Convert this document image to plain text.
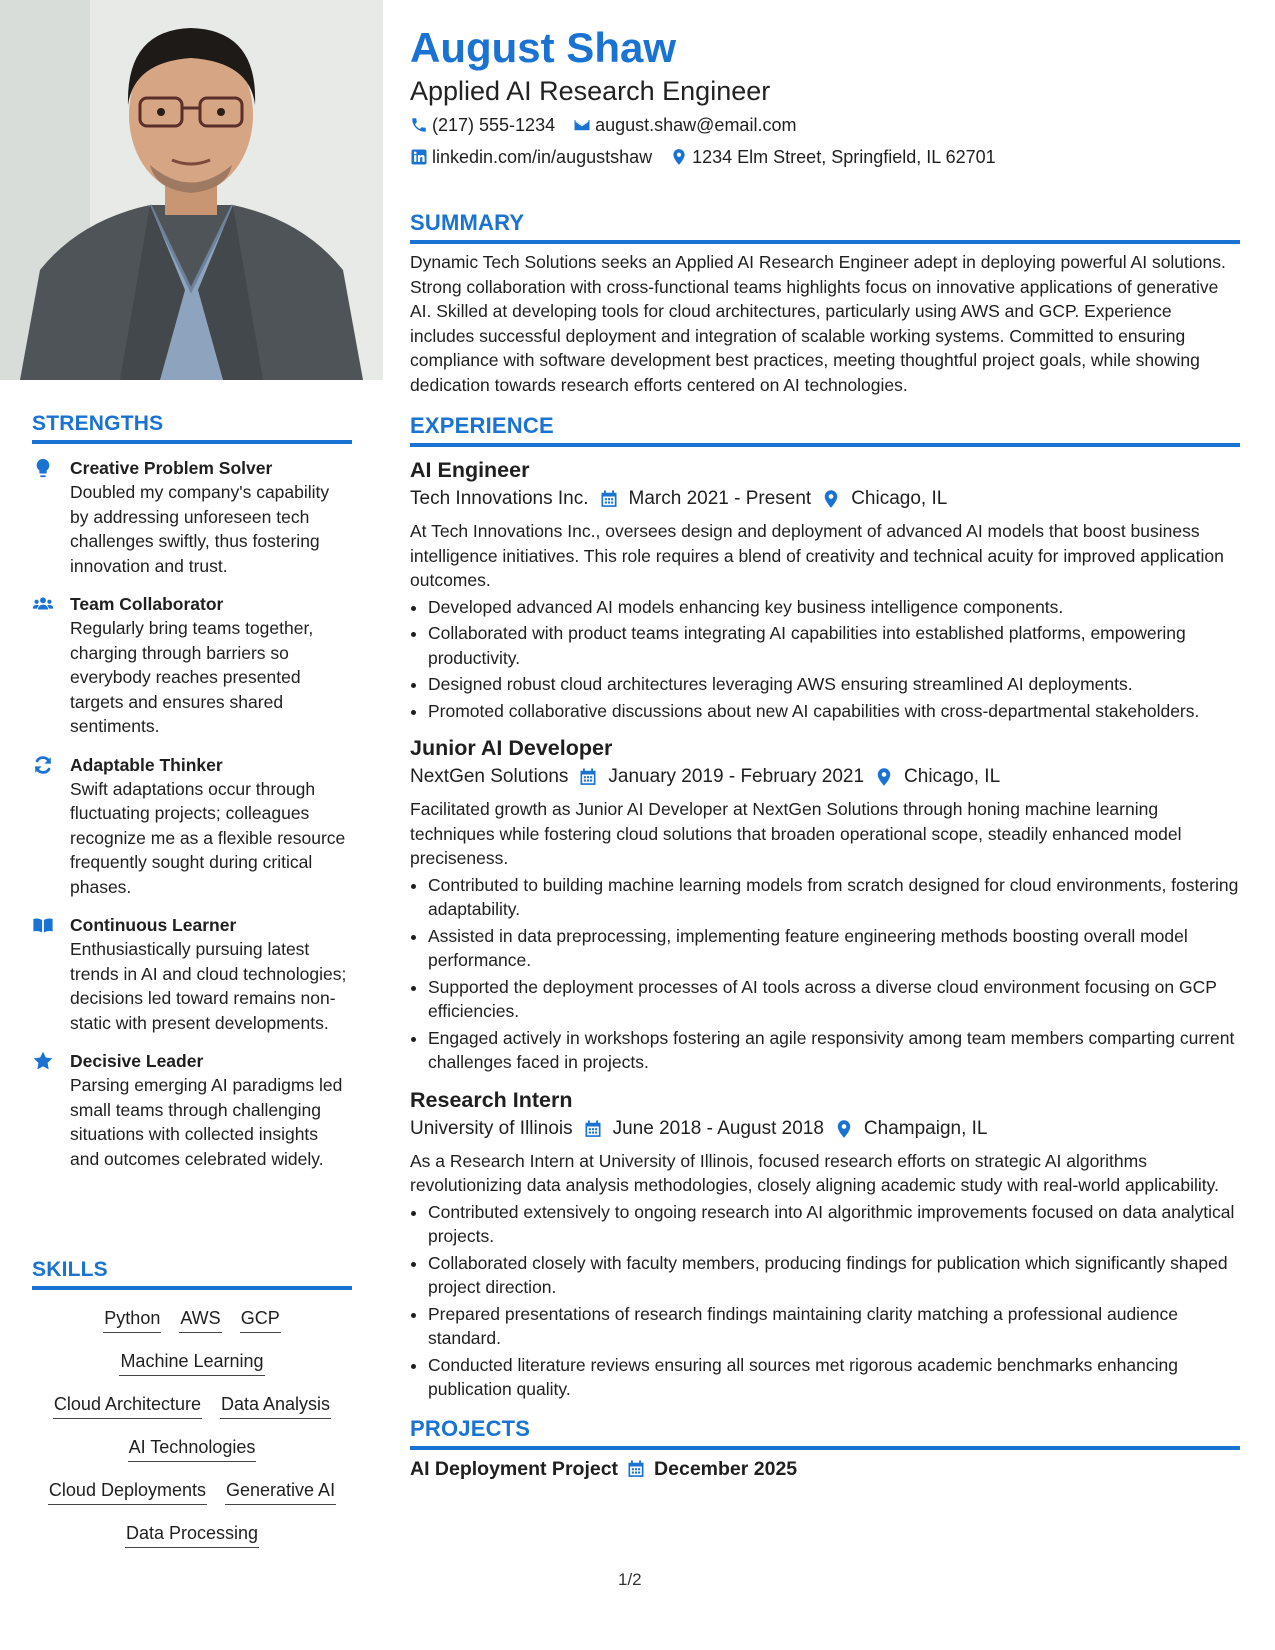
STRENGTHS
Creative Problem Solver
Doubled my company's capability by addressing unforeseen tech challenges swiftly, thus fostering innovation and trust.
Team Collaborator
Regularly bring teams together, charging through barriers so everybody reaches presented targets and ensures shared sentiments.
Adaptable Thinker
Swift adaptations occur through fluctuating projects; colleagues recognize me as a flexible resource frequently sought during critical phases.
Continuous Learner
Enthusiastically pursuing latest trends in AI and cloud technologies; decisions led toward remains non-static with present developments.
Decisive Leader
Parsing emerging AI paradigms led small teams through challenging situations with collected insights and outcomes celebrated widely.
SKILLS
Python AWS GCP
Machine Learning
Cloud Architecture Data Analysis
AI Technologies
Cloud Deployments Generative AI
Data Processing
August Shaw
Applied AI Research Engineer
(217) 555-1234 august.shaw@email.com
linkedin.com/in/augustshaw 1234 Elm Street, Springfield, IL 62701
SUMMARY

Dynamic Tech Solutions seeks an Applied AI Research Engineer adept in deploying powerful AI solutions. Strong collaboration with cross-functional teams highlights focus on innovative applications of generative AI. Skilled at developing tools for cloud architectures, particularly using AWS and GCP. Experience includes successful deployment and integration of scalable working systems. Committed to ensuring compliance with software development best practices, meeting thoughtful project goals, while showing dedication towards research efforts centered on AI technologies.

EXPERIENCE
AI Engineer
Tech Innovations Inc. March 2021 - Present Chicago, IL

At Tech Innovations Inc., oversees design and deployment of advanced AI models that boost business intelligence initiatives. This role requires a blend of creativity and technical acuity for improved application outcomes.

• Developed advanced AI models enhancing key business intelligence components.
• Collaborated with product teams integrating AI capabilities into established platforms, empowering productivity.
• Designed robust cloud architectures leveraging AWS ensuring streamlined AI deployments.
• Promoted collaborative discussions about new AI capabilities with cross-departmental stakeholders.
Junior AI Developer
NextGen Solutions January 2019 - February 2021 Chicago, IL

Facilitated growth as Junior AI Developer at NextGen Solutions through honing machine learning techniques while fostering cloud solutions that broaden operational scope, steadily enhanced model preciseness.

• Contributed to building machine learning models from scratch designed for cloud environments, fostering adaptability.
• Assisted in data preprocessing, implementing feature engineering methods boosting overall model performance.
• Supported the deployment processes of AI tools across a diverse cloud environment focusing on GCP efficiencies.
• Engaged actively in workshops fostering an agile responsivity among team members comparting current challenges faced in projects.
Research Intern
University of Illinois June 2018 - August 2018 Champaign, IL

As a Research Intern at University of Illinois, focused research efforts on strategic AI algorithms revolutionizing data analysis methodologies, closely aligning academic study with real-world applicability.

• Contributed extensively to ongoing research into AI algorithmic improvements focused on data analytical projects.
• Collaborated closely with faculty members, producing findings for publication which significantly shaped project direction.
• Prepared presentations of research findings maintaining clarity matching a professional audience standard.
• Conducted literature reviews ensuring all sources met rigorous academic benchmarks enhancing publication quality.
PROJECTS
AI Deployment Project December 2025
1/2
